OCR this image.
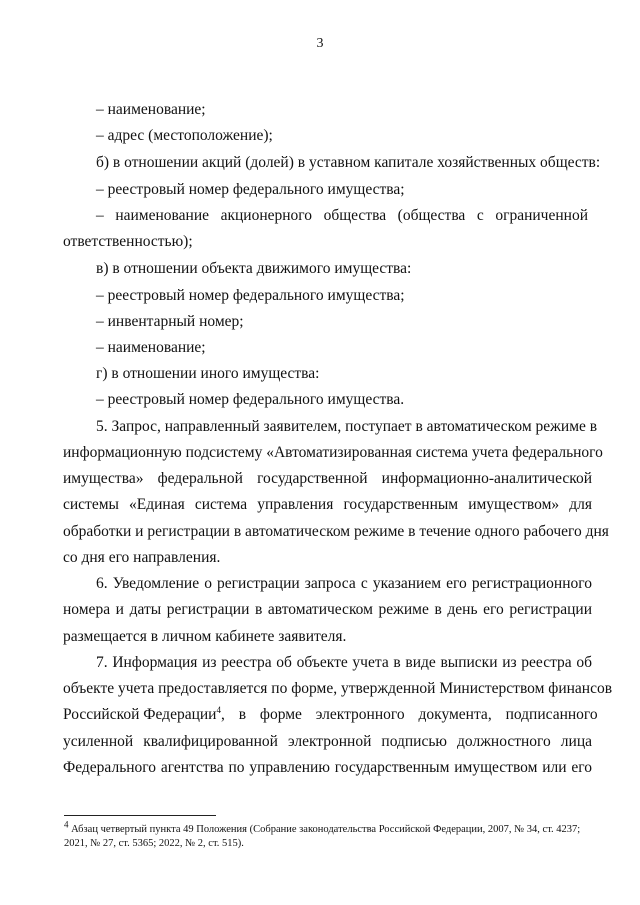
3
– наименование;
– адрес (местоположение);
б) в отношении акций (долей) в уставном капитале хозяйственных обществ:
– реестровый номер федерального имущества;
– наименование акционерного общества (общества с ограниченной
ответственностью);
в) в отношении объекта движимого имущества:
– реестровый номер федерального имущества;
– инвентарный номер;
– наименование;
г) в отношении иного имущества:
– реестровый номер федерального имущества.
5. Запрос, направленный заявителем, поступает в автоматическом режиме в
информационную подсистему «Автоматизированная система учета федерального
имущества» федеральной государственной информационно-аналитической
системы «Единая система управления государственным имуществом» для
обработки и регистрации в автоматическом режиме в течение одного рабочего дня
со дня его направления.
6. Уведомление о регистрации запроса с указанием его регистрационного
номера и даты регистрации в автоматическом режиме в день его регистрации
размещается в личном кабинете заявителя.
7. Информация из реестра об объекте учета в виде выписки из реестра об
объекте учета предоставляется по форме, утвержденной Министерством финансов
Российской Федерации$^4$, в форме электронного документа, подписанного
усиленной квалифицированной электронной подписью должностного лица
Федерального агентства по управлению государственным имуществом или его
$^4$ Абзац четвертый пункта 49 Положения (Собрание законодательства Российской Федерации, 2007, № 34, ст. 4237;
2021, № 27, ст. 5365; 2022, № 2, ст. 515).
